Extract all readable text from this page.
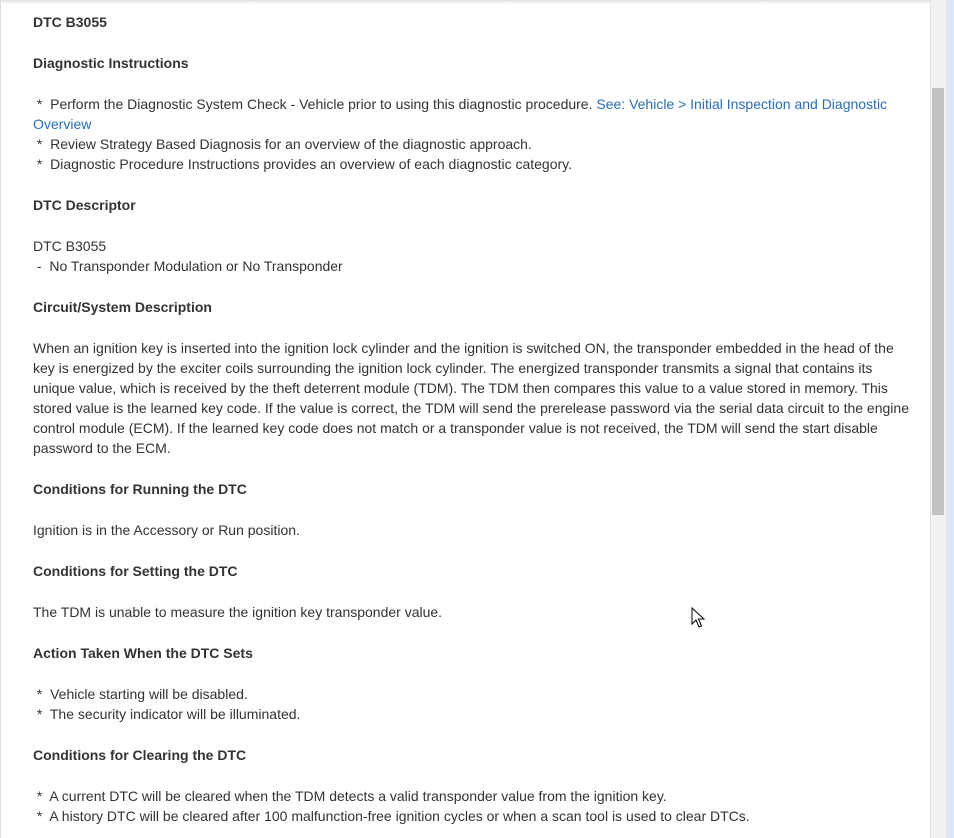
DTC B3055

Diagnostic Instructions

*  Perform the Diagnostic System Check - Vehicle prior to using this diagnostic procedure. See: Vehicle > Initial Inspection and Diagnostic Overview

*  Review Strategy Based Diagnosis for an overview of the diagnostic approach.

*  Diagnostic Procedure Instructions provides an overview of each diagnostic category.

DTC Descriptor

DTC B3055

-  No Transponder Modulation or No Transponder

Circuit/System Description

When an ignition key is inserted into the ignition lock cylinder and the ignition is switched ON, the transponder embedded in the head of the key is energized by the exciter coils surrounding the ignition lock cylinder. The energized transponder transmits a signal that contains its unique value, which is received by the theft deterrent module (TDM). The TDM then compares this value to a value stored in memory. This stored value is the learned key code. If the value is correct, the TDM will send the prerelease password via the serial data circuit to the engine control module (ECM). If the learned key code does not match or a transponder value is not received, the TDM will send the start disable password to the ECM.

Conditions for Running the DTC

Ignition is in the Accessory or Run position.

Conditions for Setting the DTC

The TDM is unable to measure the ignition key transponder value.

Action Taken When the DTC Sets

*  Vehicle starting will be disabled.

*  The security indicator will be illuminated.

Conditions for Clearing the DTC

*  A current DTC will be cleared when the TDM detects a valid transponder value from the ignition key.

*  A history DTC will be cleared after 100 malfunction-free ignition cycles or when a scan tool is used to clear DTCs.
